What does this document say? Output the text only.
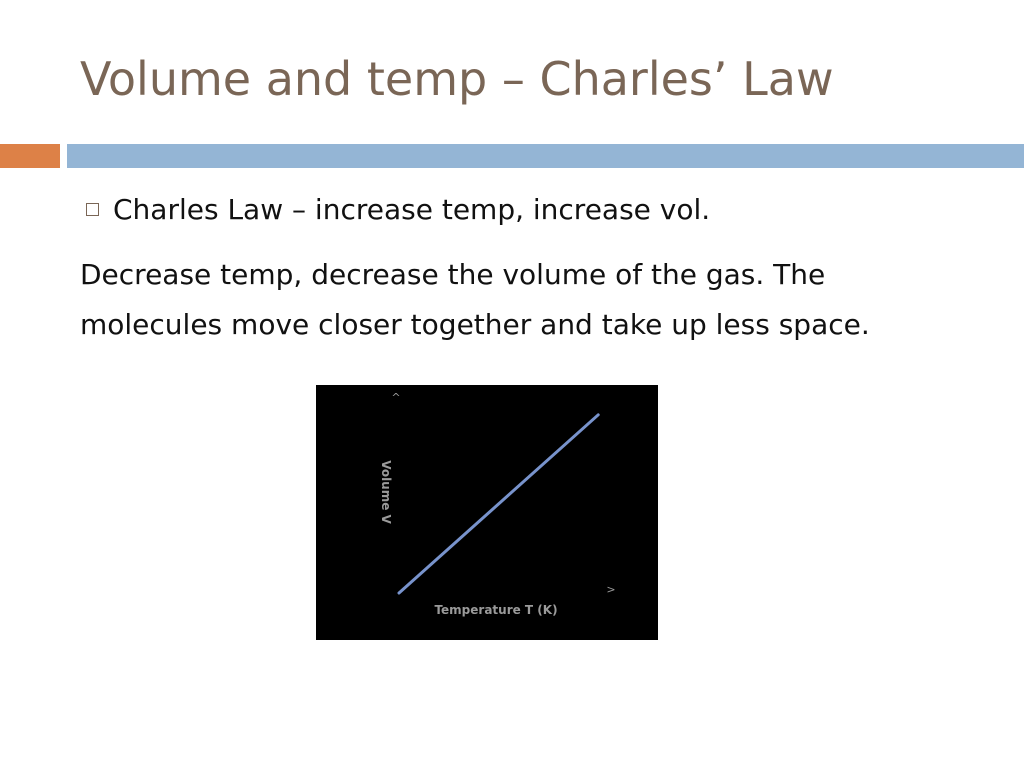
Volume and temp – Charles’ Law
Charles Law – increase temp, increase vol.

Decrease temp, decrease the volume of the gas. The molecules move closer together and take up less space.

^
>
Volume V
Temperature T (K)
